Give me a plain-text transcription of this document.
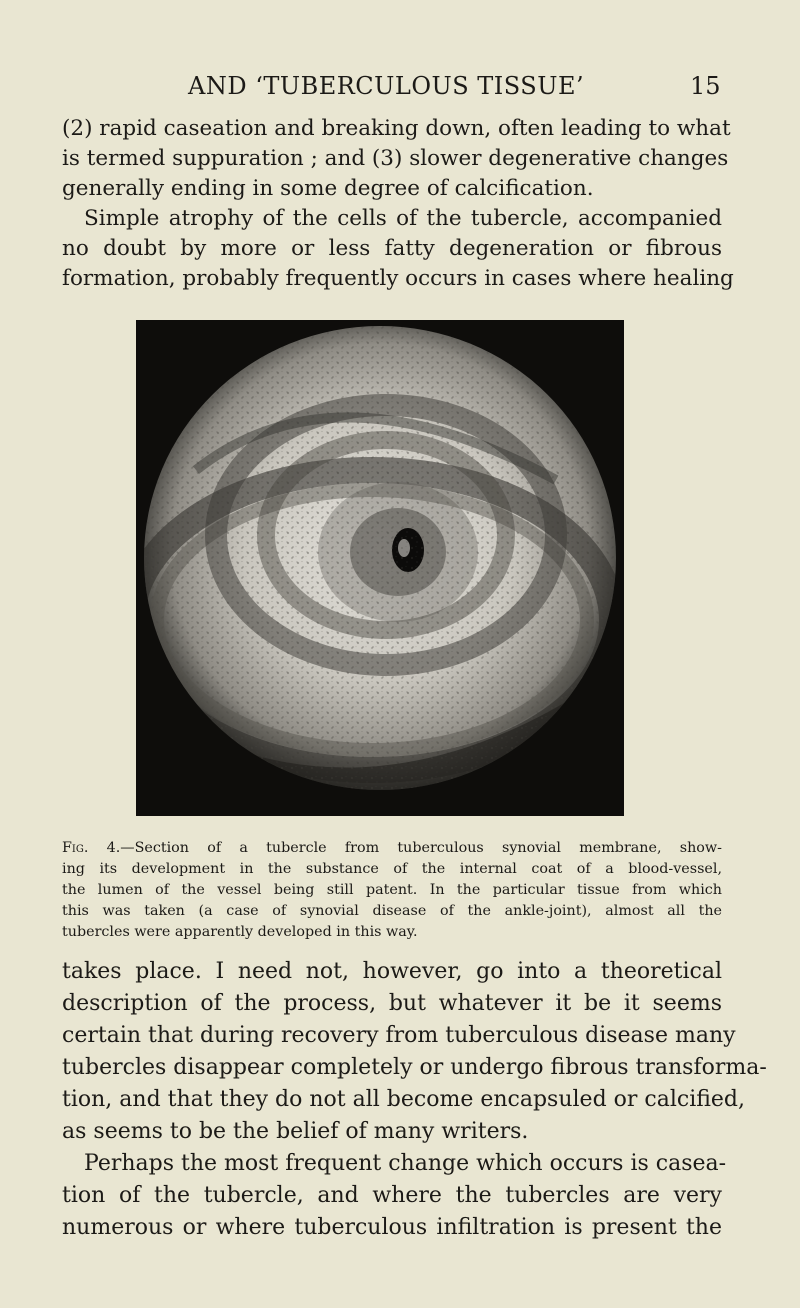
AND ‘TUBERCULOUS TISSUE’	15
(2) rapid caseation and breaking down, often leading to what
is termed suppuration ; and (3) slower degenerative changes
generally ending in some degree of calcification.
Simple atrophy of the cells of the tubercle, accompanied
no doubt by more or less fatty degeneration or fibrous
formation, probably frequently occurs in cases where healing
Fig. 4.—Section of a tubercle from tuberculous synovial membrane, show-
ing its development in the substance of the internal coat of a blood-vessel,
the lumen of the vessel being still patent. In the particular tissue from which
this was taken (a case of synovial disease of the ankle-joint), almost all the
tubercles were apparently developed in this way.
takes place. I need not, however, go into a theoretical
description of the process, but whatever it be it seems
certain that during recovery from tuberculous disease many
tubercles disappear completely or undergo fibrous transforma-
tion, and that they do not all become encapsuled or calcified,
as seems to be the belief of many writers.
Perhaps the most frequent change which occurs is casea-
tion of the tubercle, and where the tubercles are very
numerous or where tuberculous infiltration is present the
